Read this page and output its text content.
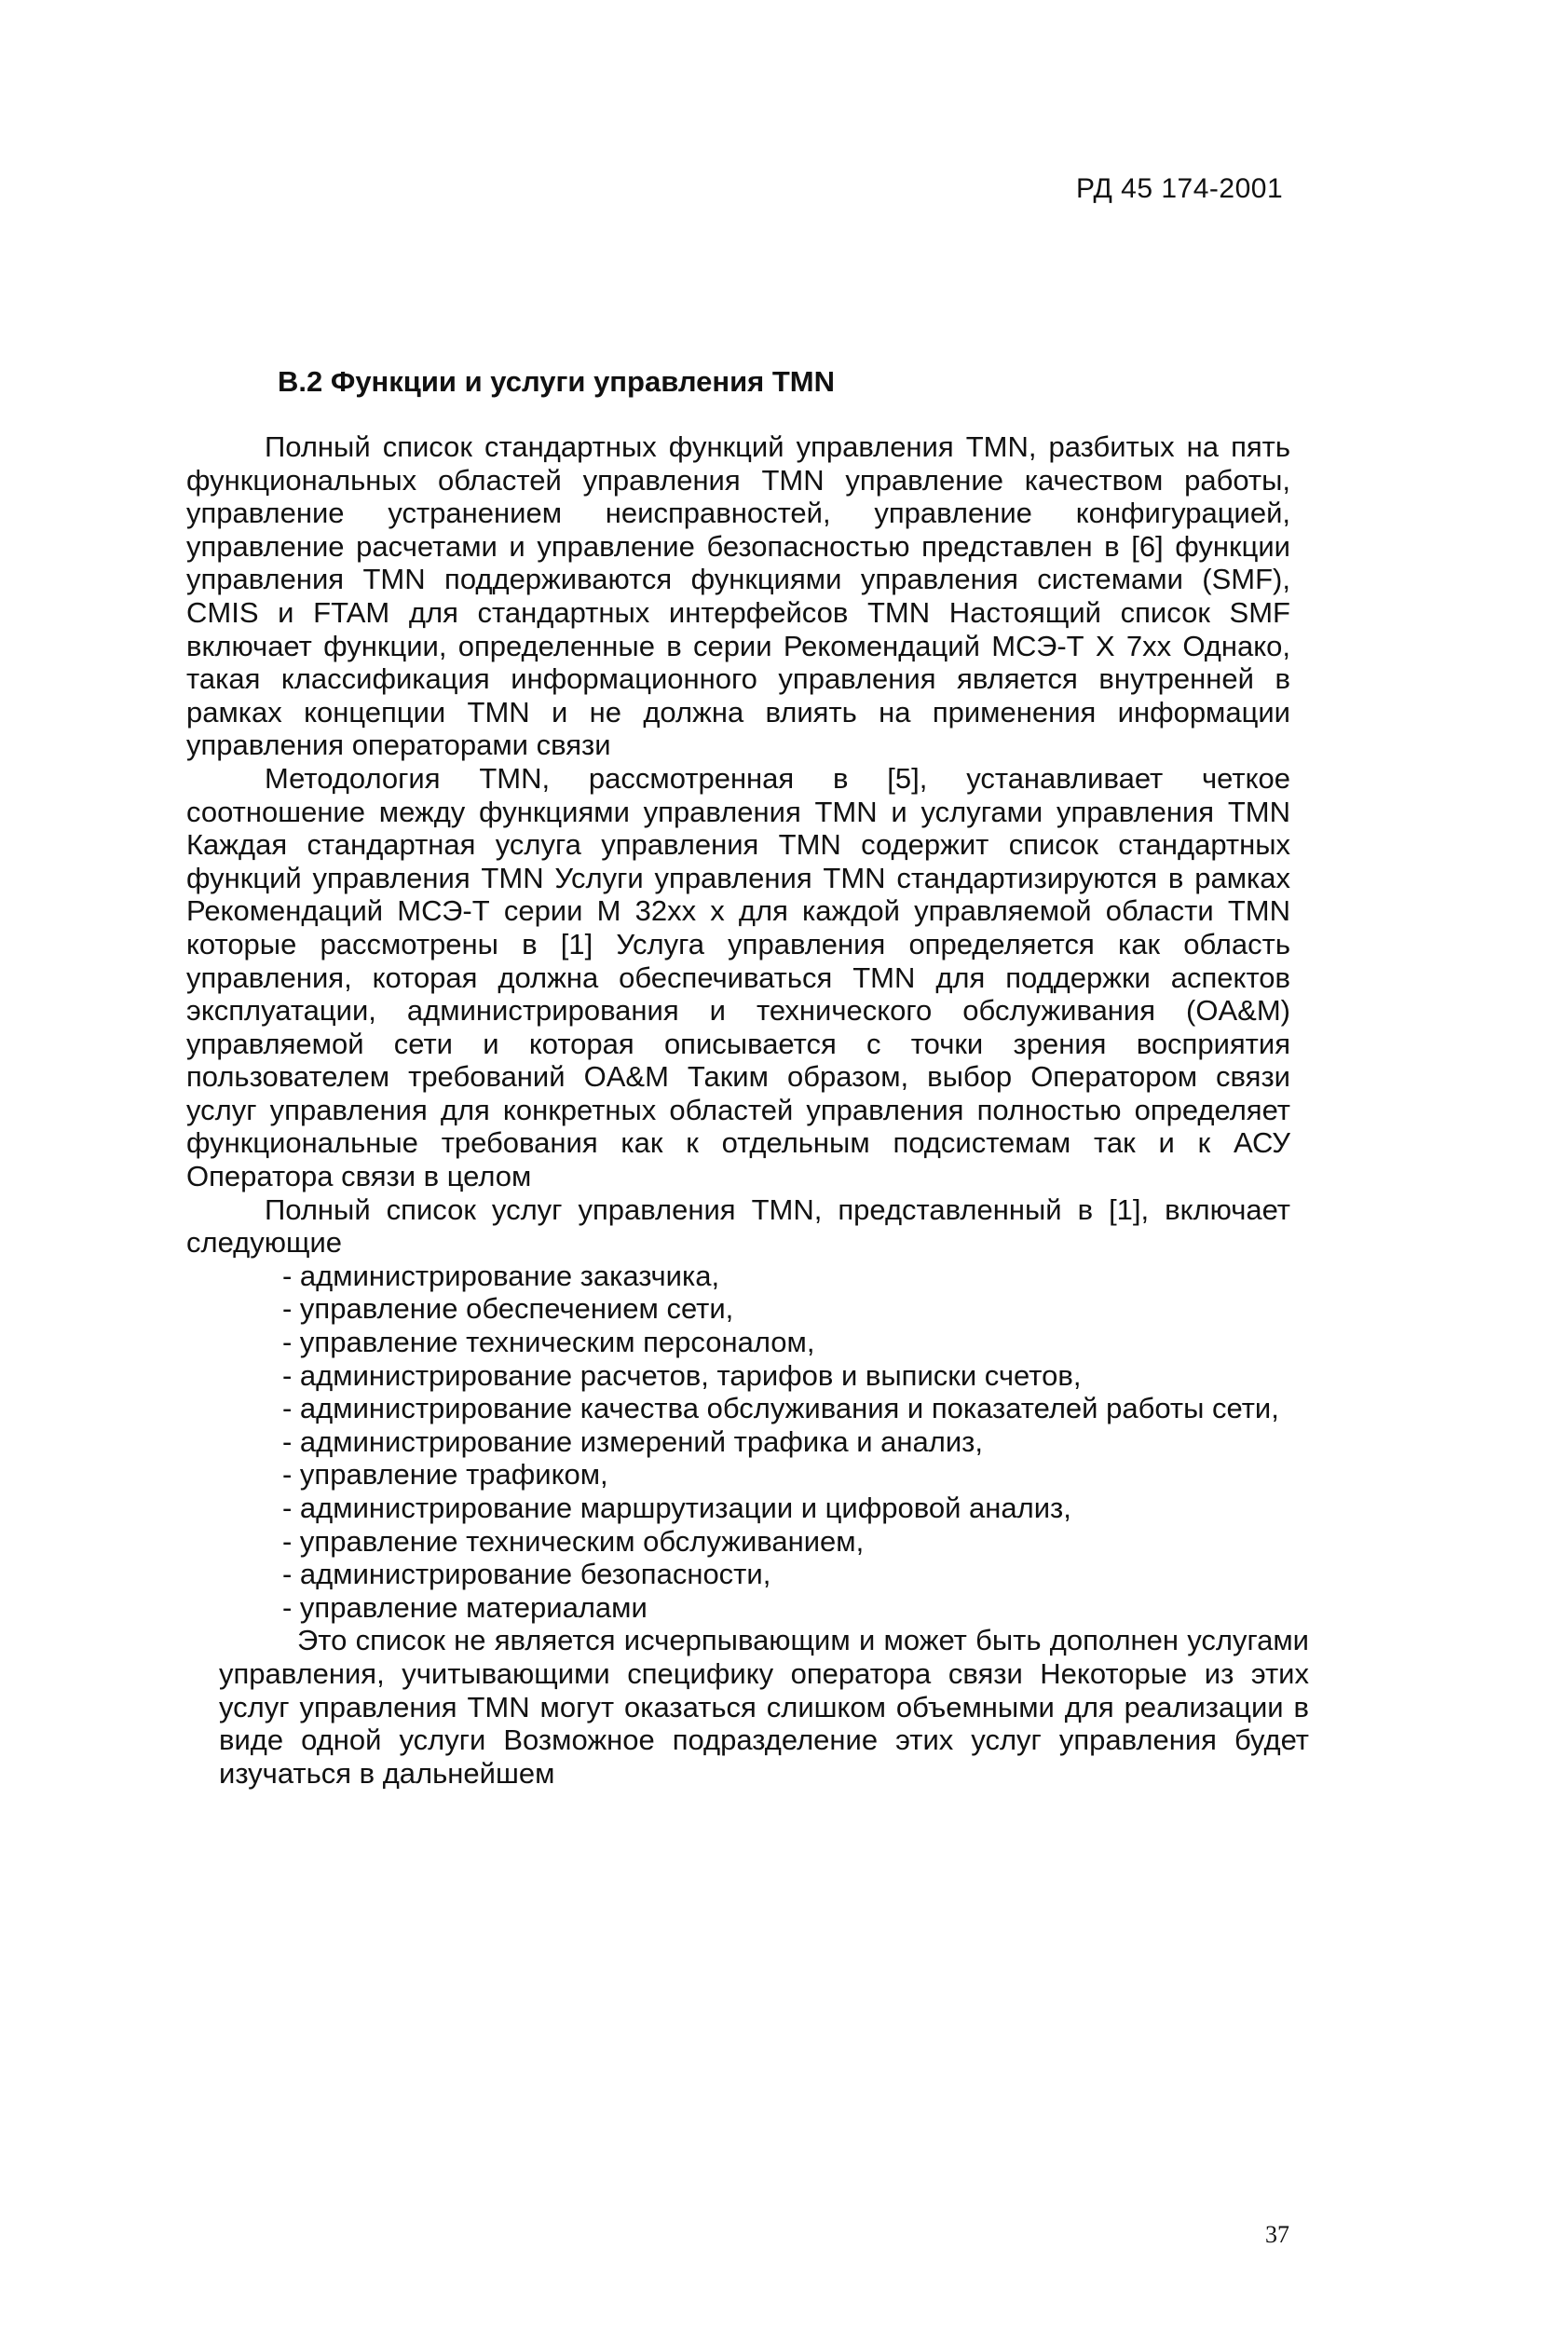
РД 45 174-2001
В.2 Функции и услуги управления TMN

Полный список стандартных функций управления TMN, разбитых на пять функциональных областей управления TMN управление качеством работы, управление устранением неисправностей, управление конфигурацией, управление расчетами и управление безопасностью представлен в [6] функции управления TMN поддерживаются функциями управления системами (SMF), CMIS и FTAM для стандартных интерфейсов TMN Настоящий список SMF включает функции, определенные в серии Рекомендаций МСЭ-Т X 7xx Однако, такая классификация информационного управления является внутренней в рамках концепции TMN и не должна влиять на применения информации управления операторами связи

Методология TMN, рассмотренная в [5], устанавливает четкое соотношение между функциями управления TMN и услугами управления TMN Каждая стандартная услуга управления TMN содержит список стандартных функций управления TMN Услуги управления TMN стандартизируются в рамках Рекомендаций МСЭ-Т серии M 32xx x для каждой управляемой области TMN которые рассмотрены в [1] Услуга управления определяется как область управления, которая должна обеспечиваться TMN для поддержки аспектов эксплуатации, администрирования и технического обслуживания (OA&M) управляемой сети и которая описывается с точки зрения восприятия пользователем требований OA&M Таким образом, выбор Оператором связи услуг управления для конкретных областей управления полностью определяет функциональные требования как к отдельным подсистемам так и к АСУ Оператора связи в целом

Полный список услуг управления TMN, представленный в [1], включает следующие

- администрирование заказчика,
- управление обеспечением сети,
- управление техническим персоналом,
- администрирование расчетов, тарифов и выписки счетов,
- администрирование качества обслуживания и показателей работы сети,
- администрирование измерений трафика и анализ,
- управление трафиком,
- администрирование маршрутизации и цифровой анализ,
- управление техническим обслуживанием,
- администрирование безопасности,
- управление материалами

Это список не является исчерпывающим и может быть дополнен услугами управления, учитывающими специфику оператора связи Некоторые из этих услуг управления TMN могут оказаться слишком объемными для реализации в виде одной услуги Возможное подразделение этих услуг управления будет изучаться в дальнейшем

37
